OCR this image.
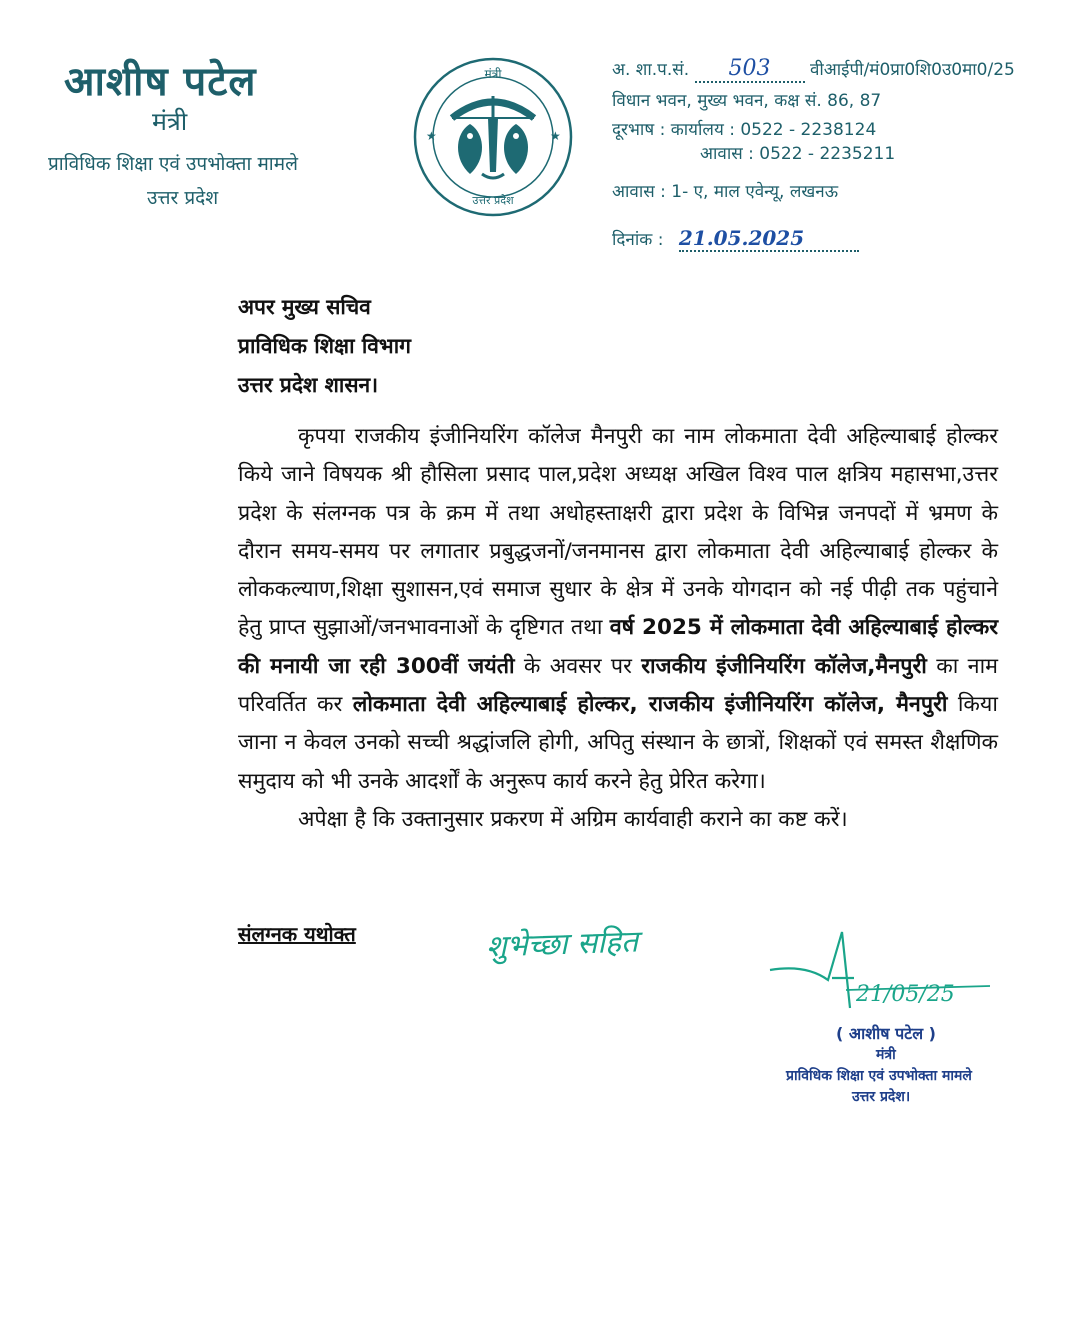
आशीष पटेल
मंत्री
प्राविधिक शिक्षा एवं उपभोक्ता मामले
उत्तर प्रदेश
मंत्री
उत्तर प्रदेश
★	★
अ. शा.प.सं. 503 वीआईपी/मं0प्रा0शि0उ0मा0/25
विधान भवन, मुख्य भवन, कक्ष सं. 86, 87
दूरभाष : कार्यालय : 0522 - 2238124
आवास : 0522 - 2235211
आवास : 1- ए, माल एवेन्यू, लखनऊ
दिनांक : 21.05.2025
अपर मुख्य सचिव
प्राविधिक शिक्षा विभाग
उत्तर प्रदेश शासन।

कृपया राजकीय इंजीनियरिंग कॉलेज मैनपुरी का नाम लोकमाता देवी अहिल्याबाई होल्कर किये जाने विषयक श्री हौसिला प्रसाद पाल,प्रदेश अध्यक्ष अखिल विश्व पाल क्षत्रिय महासभा,उत्तर प्रदेश के संलग्नक पत्र के क्रम में तथा अधोहस्ताक्षरी द्वारा प्रदेश के विभिन्न जनपदों में भ्रमण के दौरान समय-समय पर लगातार प्रबुद्धजनों/जनमानस द्वारा लोकमाता देवी अहिल्याबाई होल्कर के लोककल्याण,शिक्षा सुशासन,एवं समाज सुधार के क्षेत्र में उनके योगदान को नई पीढ़ी तक पहुंचाने हेतु प्राप्त सुझाओं/जनभावनाओं के दृष्टिगत तथा वर्ष 2025 में लोकमाता देवी अहिल्याबाई होल्कर की मनायी जा रही 300वीं जयंती के अवसर पर राजकीय इंजीनियरिंग कॉलेज,मैनपुरी का नाम परिवर्तित कर लोकमाता देवी अहिल्याबाई होल्कर, राजकीय इंजीनियरिंग कॉलेज, मैनपुरी किया जाना न केवल उनको सच्ची श्रद्धांजलि होगी, अपितु संस्थान के छात्रों, शिक्षकों एवं समस्त शैक्षणिक समुदाय को भी उनके आदर्शों के अनुरूप कार्य करने हेतु प्रेरित करेगा।

अपेक्षा है कि उक्तानुसार प्रकरण में अग्रिम कार्यवाही कराने का कष्ट करें।

संलग्नक यथोक्त	शुभेच्छा सहित
21/05/25
( आशीष पटेल )
मंत्री
प्राविधिक शिक्षा एवं उपभोक्ता मामले
उत्तर प्रदेश।
